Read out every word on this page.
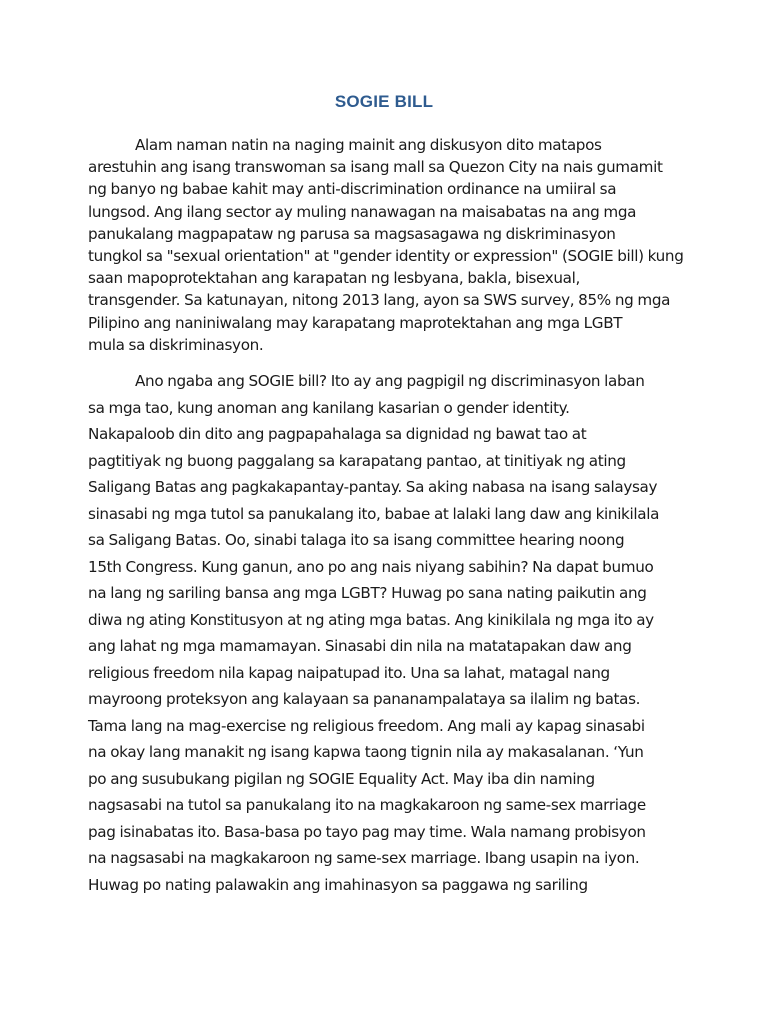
SOGIE BILL
Alam naman natin na naging mainit ang diskusyon dito matapos
arestuhin ang isang transwoman sa isang mall sa Quezon City na nais gumamit
ng banyo ng babae kahit may anti-discrimination ordinance na umiiral sa
lungsod. Ang ilang sector ay muling nanawagan na maisabatas na ang mga
panukalang magpapataw ng parusa sa magsasagawa ng diskriminasyon
tungkol sa "sexual orientation" at "gender identity or expression" (SOGIE bill) kung
saan mapoprotektahan ang karapatan ng lesbyana, bakla, bisexual,
transgender. Sa katunayan, nitong 2013 lang, ayon sa SWS survey, 85% ng mga
Pilipino ang naniniwalang may karapatang maprotektahan ang mga LGBT
mula sa diskriminasyon.
Ano ngaba ang SOGIE bill? Ito ay ang pagpigil ng discriminasyon laban
sa mga tao, kung anoman ang kanilang kasarian o gender identity.
Nakapaloob din dito ang pagpapahalaga sa dignidad ng bawat tao at
pagtitiyak ng buong paggalang sa karapatang pantao, at tinitiyak ng ating
Saligang Batas ang pagkakapantay-pantay. Sa aking nabasa na isang salaysay
sinasabi ng mga tutol sa panukalang ito, babae at lalaki lang daw ang kinikilala
sa Saligang Batas. Oo, sinabi talaga ito sa isang committee hearing noong
15th Congress. Kung ganun, ano po ang nais niyang sabihin? Na dapat bumuo
na lang ng sariling bansa ang mga LGBT? Huwag po sana nating paikutin ang
diwa ng ating Konstitusyon at ng ating mga batas. Ang kinikilala ng mga ito ay
ang lahat ng mga mamamayan. Sinasabi din nila na matatapakan daw ang
religious freedom nila kapag naipatupad ito. Una sa lahat, matagal nang
mayroong proteksyon ang kalayaan sa pananampalataya sa ilalim ng batas.
Tama lang na mag-exercise ng religious freedom. Ang mali ay kapag sinasabi
na okay lang manakit ng isang kapwa taong tignin nila ay makasalanan. ‘Yun
po ang susubukang pigilan ng SOGIE Equality Act. May iba din naming
nagsasabi na tutol sa panukalang ito na magkakaroon ng same-sex marriage
pag isinabatas ito. Basa-basa po tayo pag may time. Wala namang probisyon
na nagsasabi na magkakaroon ng same-sex marriage. Ibang usapin na iyon.
Huwag po nating palawakin ang imahinasyon sa paggawa ng sariling
